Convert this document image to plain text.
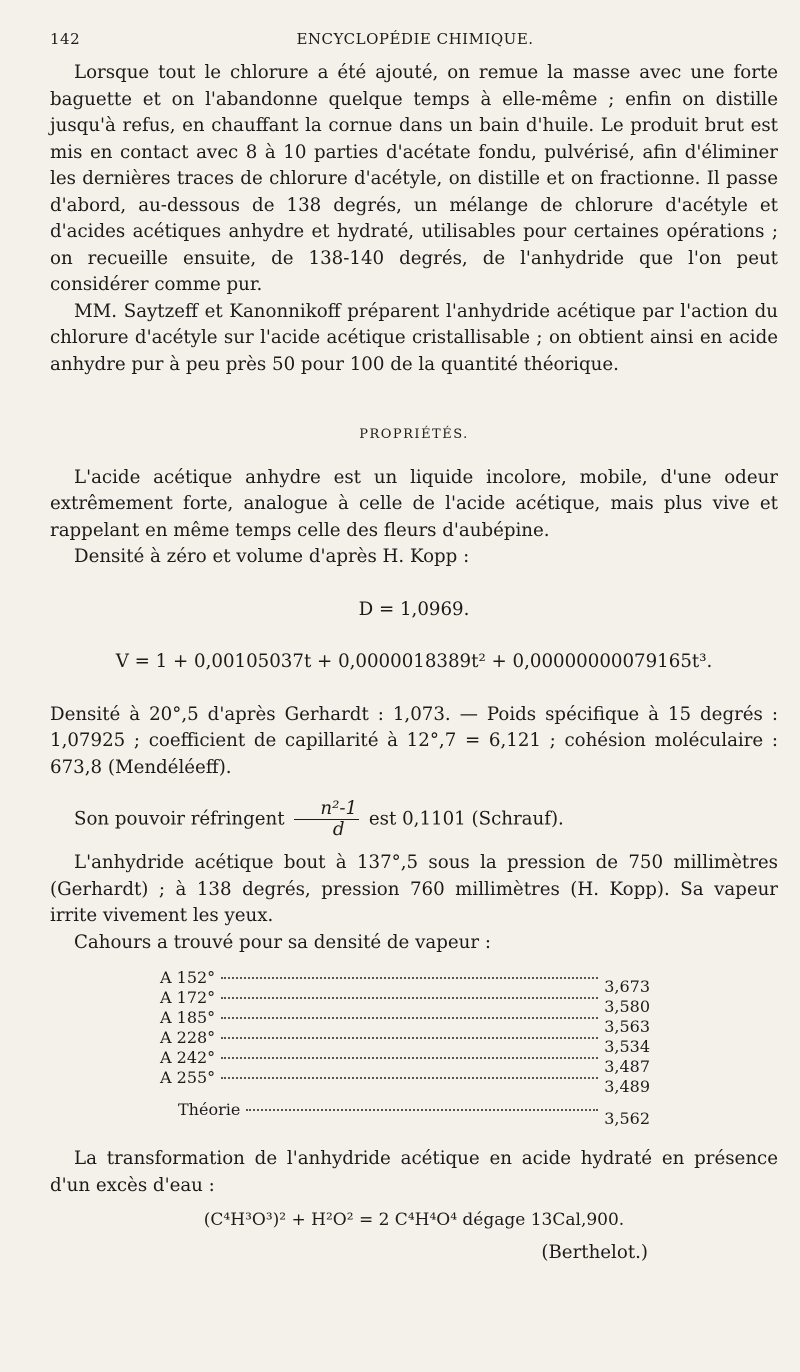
142	ENCYCLOPÉDIE CHIMIQUE.

Lorsque tout le chlorure a été ajouté, on remue la masse avec une forte baguette et on l'abandonne quelque temps à elle-même ; enfin on distille jusqu'à refus, en chauffant la cornue dans un bain d'huile. Le produit brut est mis en contact avec 8 à 10 parties d'acétate fondu, pulvérisé, afin d'éliminer les dernières traces de chlorure d'acétyle, on distille et on fractionne. Il passe d'abord, au-dessous de 138 degrés, un mélange de chlorure d'acétyle et d'acides acétiques anhydre et hydraté, utilisables pour certaines opérations ; on recueille ensuite, de 138-140 degrés, de l'anhydride que l'on peut considérer comme pur.

MM. Saytzeff et Kanonnikoff préparent l'anhydride acétique par l'action du chlorure d'acétyle sur l'acide acétique cristallisable ; on obtient ainsi en acide anhydre pur à peu près 50 pour 100 de la quantité théorique.

PROPRIÉTÉS.

L'acide acétique anhydre est un liquide incolore, mobile, d'une odeur extrêmement forte, analogue à celle de l'acide acétique, mais plus vive et rappelant en même temps celle des fleurs d'aubépine.

Densité à zéro et volume d'après H. Kopp :

D = 1,0969.
V = 1 + 0,00105037t + 0,0000018389t² + 0,00000000079165t³.

Densité à 20°,5 d'après Gerhardt : 1,073. — Poids spécifique à 15 degrés : 1,07925 ; coefficient de capillarité à 12°,7 = 6,121 ; cohésion moléculaire : 673,8 (Mendéléeff).

Son pouvoir réfringent $\frac{\text{n²-1}}{d}$ est 0,1101 (Schrauf).

L'anhydride acétique bout à 137°,5 sous la pression de 750 millimètres (Gerhardt) ; à 138 degrés, pression 760 millimètres (H. Kopp). Sa vapeur irrite vivement les yeux.

Cahours a trouvé pour sa densité de vapeur :

A 152°	3,673
A 172°	3,580
A 185°	3,563
A 228°	3,534
A 242°	3,487
A 255°	3,489
Théorie	3,562

La transformation de l'anhydride acétique en acide hydraté en présence d'un excès d'eau :

(C⁴H³O³)² + H²O² = 2 C⁴H⁴O⁴ dégage 13Cal,900.
(Berthelot.)
